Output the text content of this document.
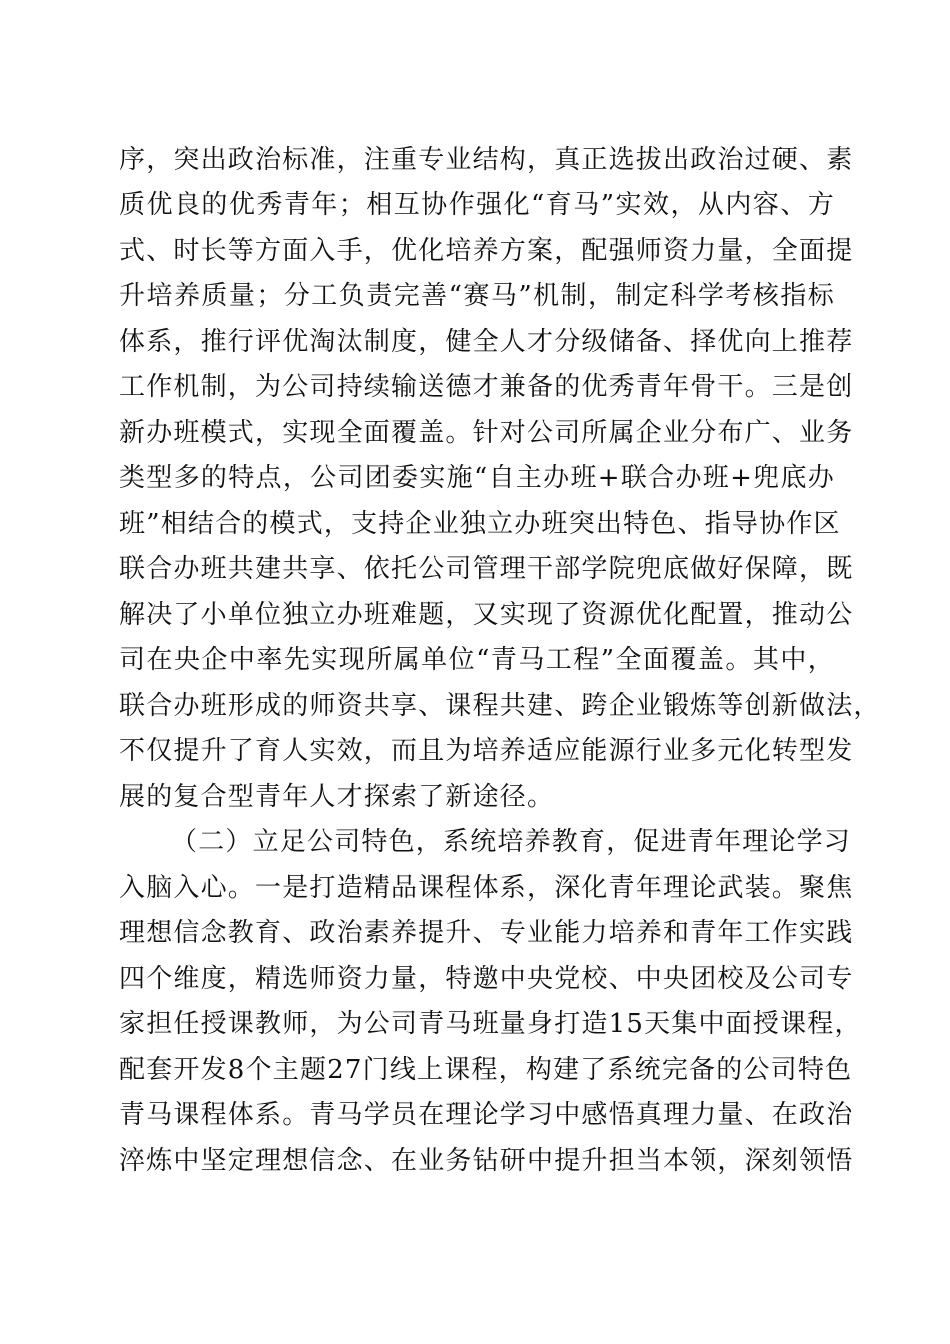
序，突出政治标准，注重专业结构，真正选拔出政治过硬、素
质优良的优秀青年；相互协作强化“育马”实效，从内容、方
式、时长等方面入手，优化培养方案，配强师资力量，全面提
升培养质量；分工负责完善“赛马”机制，制定科学考核指标
体系，推行评优淘汰制度，健全人才分级储备、择优向上推荐
工作机制，为公司持续输送德才兼备的优秀青年骨干。三是创
新办班模式，实现全面覆盖。针对公司所属企业分布广、业务
类型多的特点，公司团委实施“自主办班+联合办班+兜底办
班”相结合的模式，支持企业独立办班突出特色、指导协作区
联合办班共建共享、依托公司管理干部学院兜底做好保障，既
解决了小单位独立办班难题，又实现了资源优化配置，推动公
司在央企中率先实现所属单位“青马工程”全面覆盖。其中，
联合办班形成的师资共享、课程共建、跨企业锻炼等创新做法，
不仅提升了育人实效，而且为培养适应能源行业多元化转型发
展的复合型青年人才探索了新途径。
（二）立足公司特色，系统培养教育，促进青年理论学习
入脑入心。一是打造精品课程体系，深化青年理论武装。聚焦
理想信念教育、政治素养提升、专业能力培养和青年工作实践
四个维度，精选师资力量，特邀中央党校、中央团校及公司专
家担任授课教师，为公司青马班量身打造15天集中面授课程，
配套开发8个主题27门线上课程，构建了系统完备的公司特色
青马课程体系。青马学员在理论学习中感悟真理力量、在政治
淬炼中坚定理想信念、在业务钻研中提升担当本领，深刻领悟
